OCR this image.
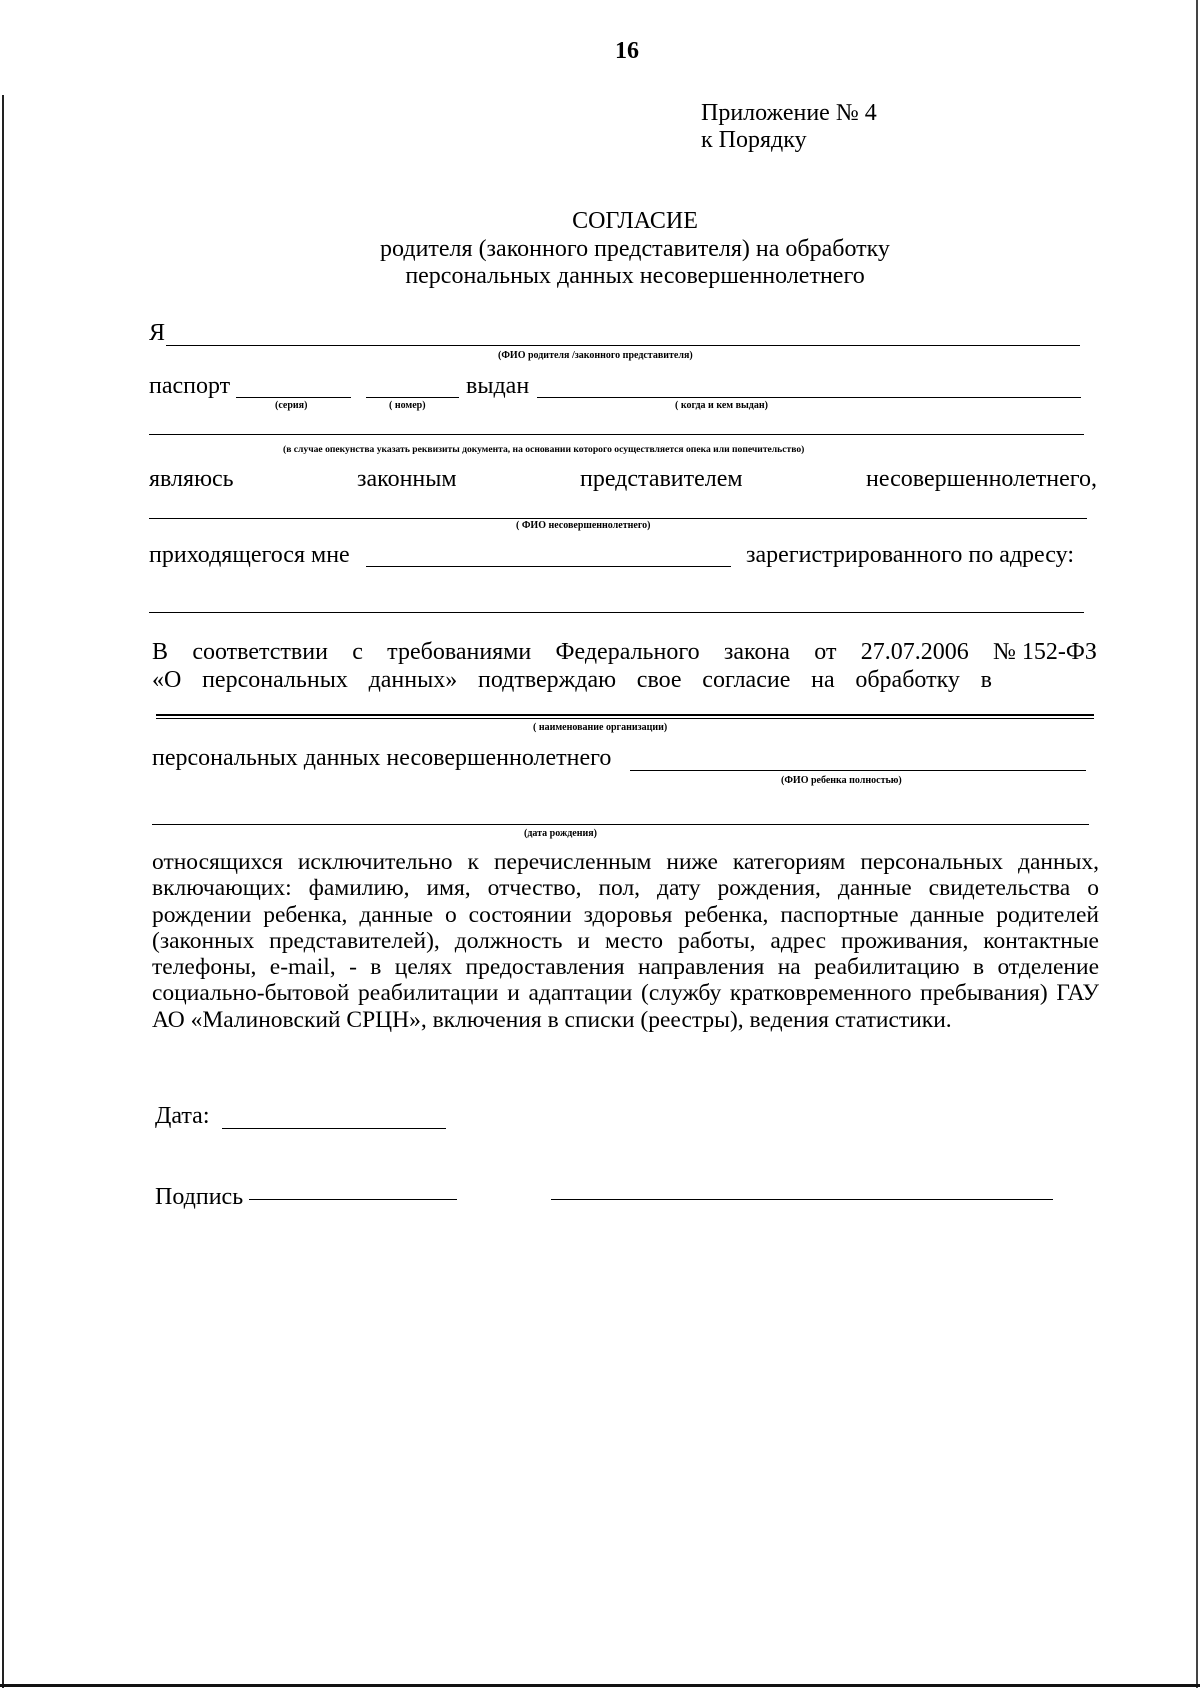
16
Приложение № 4
к Порядку
СОГЛАСИЕ
родителя (законного представителя) на обработку
персональных данных несовершеннолетнего
Я
(ФИО родителя /законного представителя)
паспорт	выдан
(серия)	( номер)	( когда и кем выдан)
(в случае опекунства указать реквизиты документа, на основании которого осуществляется опека или попечительство)
являюсь	законным	представителем	несовершеннолетнего,
( ФИО несовершеннолетнего)
приходящегося мне	зарегистрированного по адресу:
В соответствии с требованиями Федерального закона от 27.07.2006 № 152-ФЗ
«О персональных данных» подтверждаю свое согласие на обработку в
( наименование организации)
персональных данных несовершеннолетнего
(ФИО ребенка полностью)
(дата рождения)
относящихся исключительно к перечисленным ниже категориям персональных данных, включающих: фамилию, имя, отчество, пол, дату рождения, данные свидетельства о рождении ребенка, данные о состоянии здоровья ребенка, паспортные данные родителей (законных представителей), должность и место работы, адрес проживания, контактные телефоны, e-mail, - в целях предоставления направления на реабилитацию в отделение социально-бытовой реабилитации и адаптации (службу кратковременного пребывания) ГАУ АО «Малиновский СРЦН», включения в списки (реестры), ведения статистики.
Дата:
Подпись
